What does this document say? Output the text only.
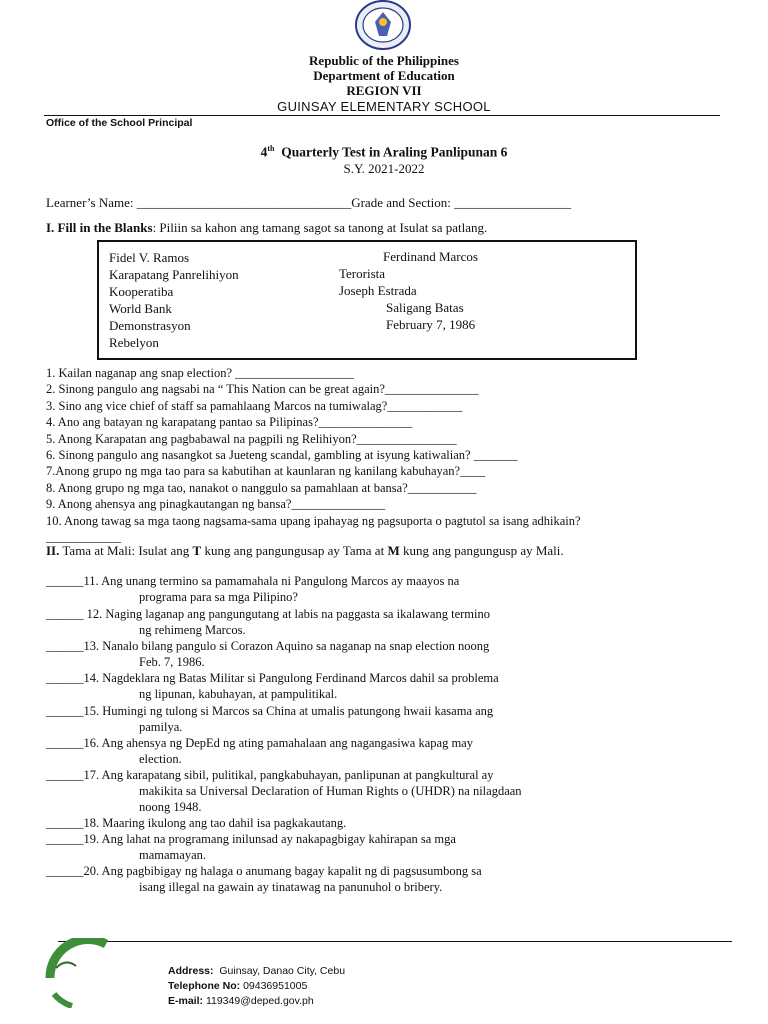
Republic of the Philippines
Department of Education
REGION VII
GUINSAY ELEMENTARY SCHOOL
Office of the School Principal
4th Quarterly Test in Araling Panlipunan 6
S.Y. 2021-2022
Learner’s Name: _________________________________Grade and Section: __________________
I. Fill in the Blanks: Piliin sa kahon ang tamang sagot sa tanong at Isulat sa patlang.
Fidel V. Ramos
Karapatang Panrelihiyon
Kooperatiba
World Bank
Demonstrasyon
Rebelyon
Ferdinand Marcos
Terorista
Joseph Estrada
Saligang Batas
February 7, 1986
1. Kailan naganap ang snap election? ___________________
2. Sinong pangulo ang nagsabi na “ This Nation can be great again?_______________
3. Sino ang vice chief of staff sa pamahlaang Marcos na tumiwalag?____________
4. Ano ang batayan ng karapatang pantao sa Pilipinas?_______________
5. Anong Karapatan ang pagbabawal na pagpili ng Relihiyon?________________
6. Sinong pangulo ang nasangkot sa Jueteng scandal, gambling at isyung katiwalian? _______
7.Anong grupo ng mga tao para sa kabutihan at kaunlaran ng kanilang kabuhayan?____
8. Anong grupo ng mga tao, nanakot o nanggulo sa pamahlaan at bansa?___________
9. Anong ahensya ang pinagkautangan ng bansa?_______________
10. Anong tawag sa mga taong nagsama-sama upang ipahayag ng pagsuporta o pagtutol sa isang adhikain?
____________
II. Tama at Mali: Isulat ang T kung ang pangungusap ay Tama at M kung ang pangungusp ay Mali.
______11. Ang unang termino sa pamamahala ni Pangulong Marcos ay maayos na
programa para sa mga Pilipino?
______ 12. Naging laganap ang pangungutang at labis na paggasta sa ikalawang termino
ng rehimeng Marcos.
______13. Nanalo bilang pangulo si Corazon Aquino sa naganap na snap election noong
Feb. 7, 1986.
______14. Nagdeklara ng Batas Militar si Pangulong Ferdinand Marcos dahil sa problema
ng lipunan, kabuhayan, at pampulitikal.
______15. Humingi ng tulong si Marcos sa China at umalis patungong hwaii kasama ang
pamilya.
______16. Ang ahensya ng DepEd ng ating pamahalaan ang nagangasiwa kapag may
election.
______17. Ang karapatang sibil, pulitikal, pangkabuhayan, panlipunan at pangkultural ay
makikita sa Universal Declaration of Human Rights o (UHDR) na nilagdaan
noong 1948.
______18. Maaring ikulong ang tao dahil isa pagkakautang.
______19. Ang lahat na programang inilunsad ay nakapagbigay kahirapan sa mga
mamamayan.
______20. Ang pagbibigay ng halaga o anumang bagay kapalit ng di pagsusumbong sa
isang illegal na gawain ay tinatawag na panunuhol o bribery.
Address: Guinsay, Danao City, Cebu
Telephone No: 09436951005
E-mail: 119349@deped.gov.ph
